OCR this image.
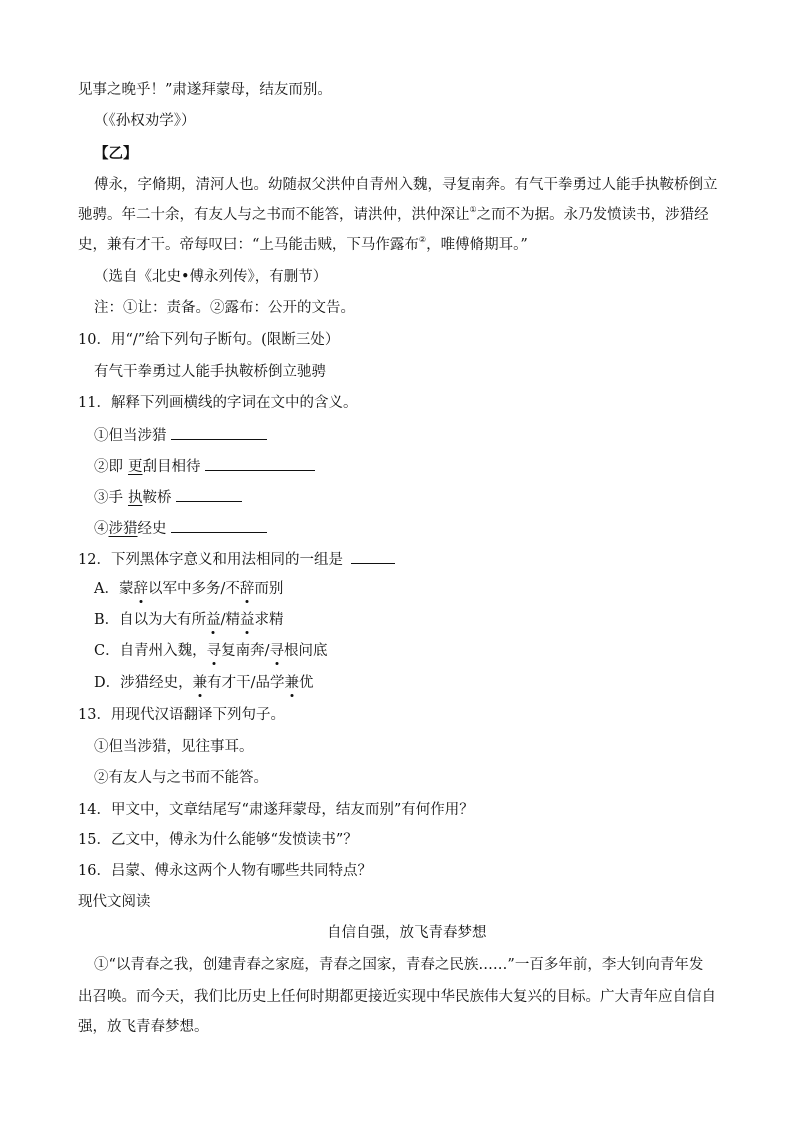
见事之晚乎！”肃遂拜蒙母，结友而别。
（《孙权劝学》）
【乙】
傅永，字脩期，清河人也。幼随叔父洪仲自青州入魏，寻复南奔。有气干拳勇过人能手执鞍桥倒立
驰骋。年二十余，有友人与之书而不能答，请洪仲，洪仲深让①之而不为据。永乃发愤读书，涉猎经
史，兼有才干。帝每叹曰：“上马能击贼，下马作露布②，唯傅脩期耳。”
（选自《北史•傅永列传》，有删节）
注：①让：责备。②露布：公开的文告。
10．用“/”给下列句子断句。(限断三处）
有气干拳勇过人能手执鞍桥倒立驰骋
11．解释下列画横线的字词在文中的含义。
①但当涉猎
②即 更刮目相待
③手 执鞍桥
④涉猎经史
12．下列黑体字意义和用法相同的一组是
A．蒙辞以军中多务/不辞而别
B．自以为大有所益/精益求精
C．自青州入魏，寻复南奔/寻根问底
D．涉猎经史，兼有才干/品学兼优
13．用现代汉语翻译下列句子。
①但当涉猎，见往事耳。
②有友人与之书而不能答。
14．甲文中，文章结尾写“肃遂拜蒙母，结友而别”有何作用？
15．乙文中，傅永为什么能够“发愤读书”？
16．吕蒙、傅永这两个人物有哪些共同特点？
现代文阅读
自信自强，放飞青春梦想
①“以青春之我，创建青春之家庭，青春之国家，青春之民族……”一百多年前，李大钊向青年发
出召唤。而今天，我们比历史上任何时期都更接近实现中华民族伟大复兴的目标。广大青年应自信自
强，放飞青春梦想。
